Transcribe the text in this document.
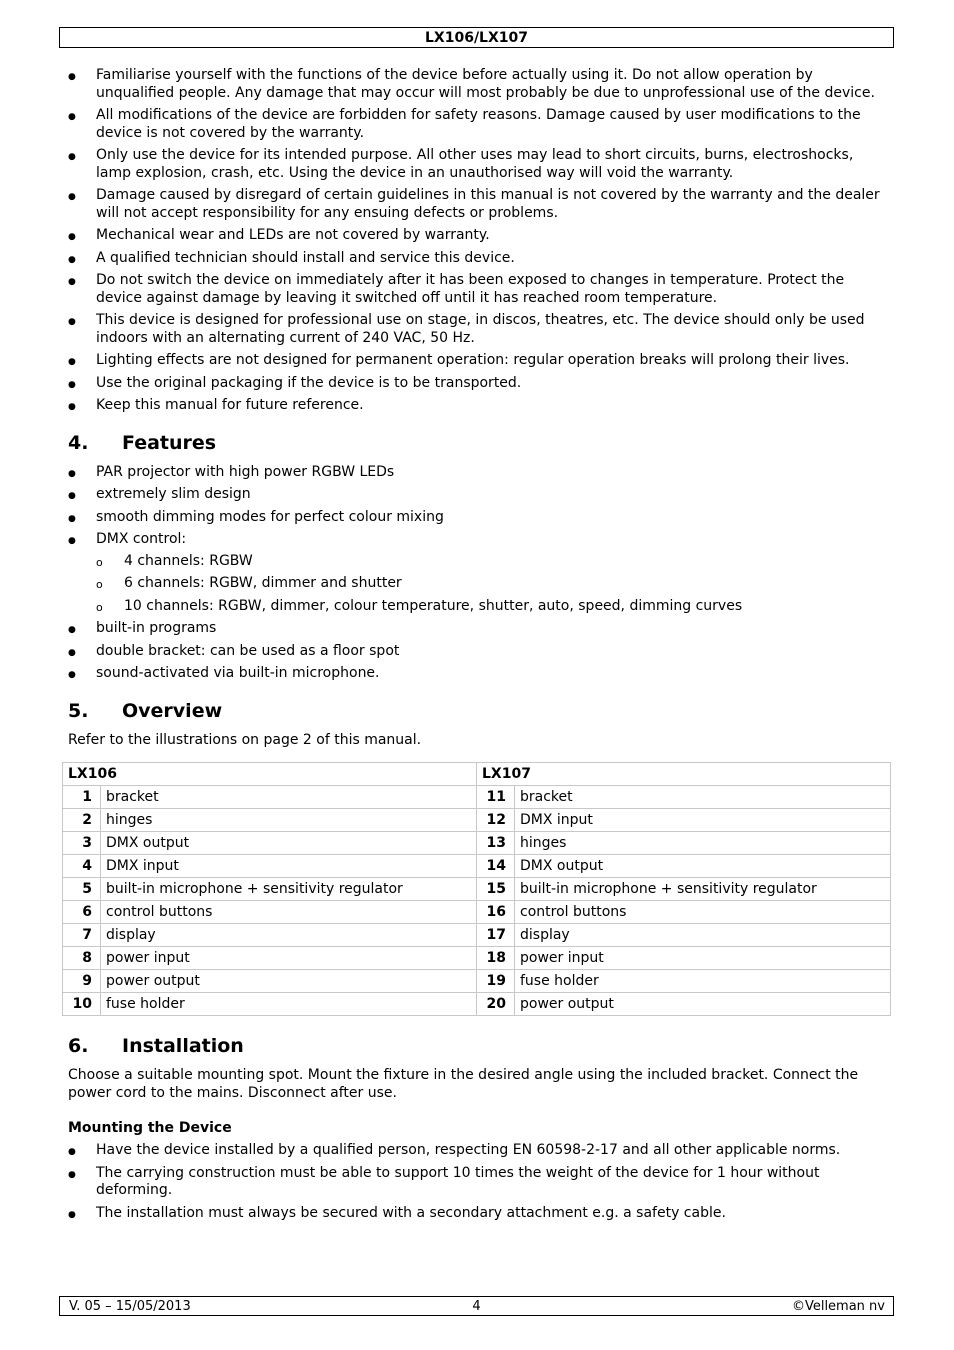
LX106/LX107
● Familiarise yourself with the functions of the device before actually using it. Do not allow operation by unqualified people. Any damage that may occur will most probably be due to unprofessional use of the device.
● All modifications of the device are forbidden for safety reasons. Damage caused by user modifications to the device is not covered by the warranty.
● Only use the device for its intended purpose. All other uses may lead to short circuits, burns, electroshocks, lamp explosion, crash, etc. Using the device in an unauthorised way will void the warranty.
● Damage caused by disregard of certain guidelines in this manual is not covered by the warranty and the dealer will not accept responsibility for any ensuing defects or problems.
● Mechanical wear and LEDs are not covered by warranty.
● A qualified technician should install and service this device.
● Do not switch the device on immediately after it has been exposed to changes in temperature. Protect the device against damage by leaving it switched off until it has reached room temperature.
● This device is designed for professional use on stage, in discos, theatres, etc. The device should only be used indoors with an alternating current of 240 VAC, 50 Hz.
● Lighting effects are not designed for permanent operation: regular operation breaks will prolong their lives.
● Use the original packaging if the device is to be transported.
● Keep this manual for future reference.
4. Features
● PAR projector with high power RGBW LEDs
● extremely slim design
● smooth dimming modes for perfect colour mixing
● DMX control:
o 4 channels: RGBW
o 6 channels: RGBW, dimmer and shutter
o 10 channels: RGBW, dimmer, colour temperature, shutter, auto, speed, dimming curves
● built-in programs
● double bracket: can be used as a floor spot
● sound-activated via built-in microphone.
5. Overview

Refer to the illustrations on page 2 of this manual.

LX106		LX107	
1	bracket	11	bracket
2	hinges	12	DMX input
3	DMX output	13	hinges
4	DMX input	14	DMX output
5	built-in microphone + sensitivity regulator	15	built-in microphone + sensitivity regulator
6	control buttons	16	control buttons
7	display	17	display
8	power input	18	power input
9	power output	19	fuse holder
10	fuse holder	20	power output
6. Installation

Choose a suitable mounting spot. Mount the fixture in the desired angle using the included bracket. Connect the power cord to the mains. Disconnect after use.

Mounting the Device
● Have the device installed by a qualified person, respecting EN 60598-2-17 and all other applicable norms.
● The carrying construction must be able to support 10 times the weight of the device for 1 hour without deforming.
● The installation must always be secured with a secondary attachment e.g. a safety cable.
V. 05 – 15/05/2013	4	©Velleman nv
